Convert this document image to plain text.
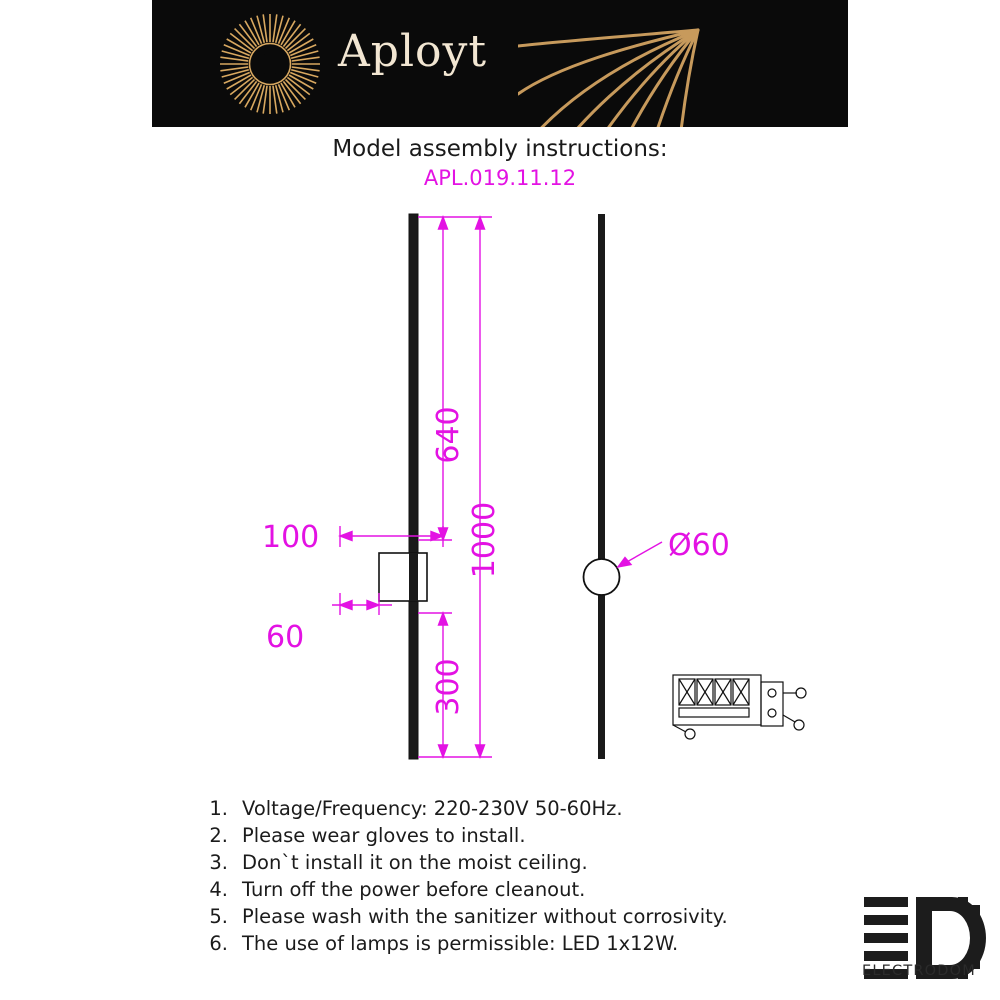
Aployt
Model assembly instructions:
APL.019.11.12
640
1000
300
100
60
Ø60
1. Voltage/Frequency: 220-230V 50-60Hz.
2. Please wear gloves to install.
3. Don`t install it on the moist ceiling.
4. Turn off the power before cleanout.
5. Please wash with the sanitizer without corrosivity.
6. The use of lamps is permissible: LED 1x12W.
ELECTRODOM
